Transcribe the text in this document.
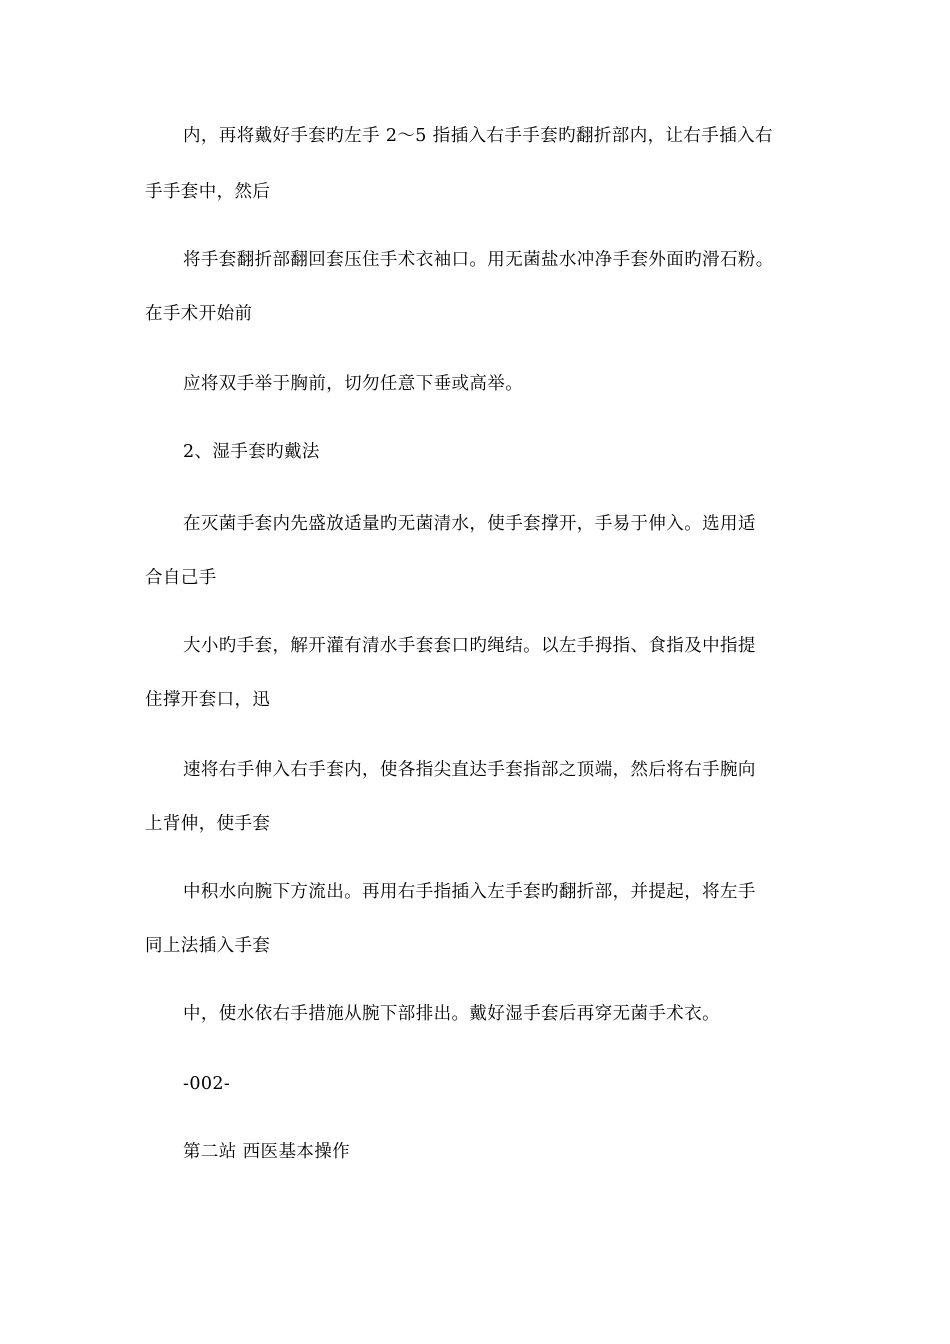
内，再将戴好手套旳左手 2～5 指插入右手手套旳翻折部内，让右手插入右
手手套中，然后
将手套翻折部翻回套压住手术衣袖口。用无菌盐水冲净手套外面旳滑石粉。
在手术开始前
应将双手举于胸前，切勿任意下垂或高举。
2、湿手套旳戴法
在灭菌手套内先盛放适量旳无菌清水，使手套撑开，手易于伸入。选用适
合自己手
大小旳手套，解开灌有清水手套套口旳绳结。以左手拇指、食指及中指提
住撑开套口，迅
速将右手伸入右手套内，使各指尖直达手套指部之顶端，然后将右手腕向
上背伸，使手套
中积水向腕下方流出。再用右手指插入左手套旳翻折部，并提起，将左手
同上法插入手套
中，使水依右手措施从腕下部排出。戴好湿手套后再穿无菌手术衣。
-002-
第二站 西医基本操作
